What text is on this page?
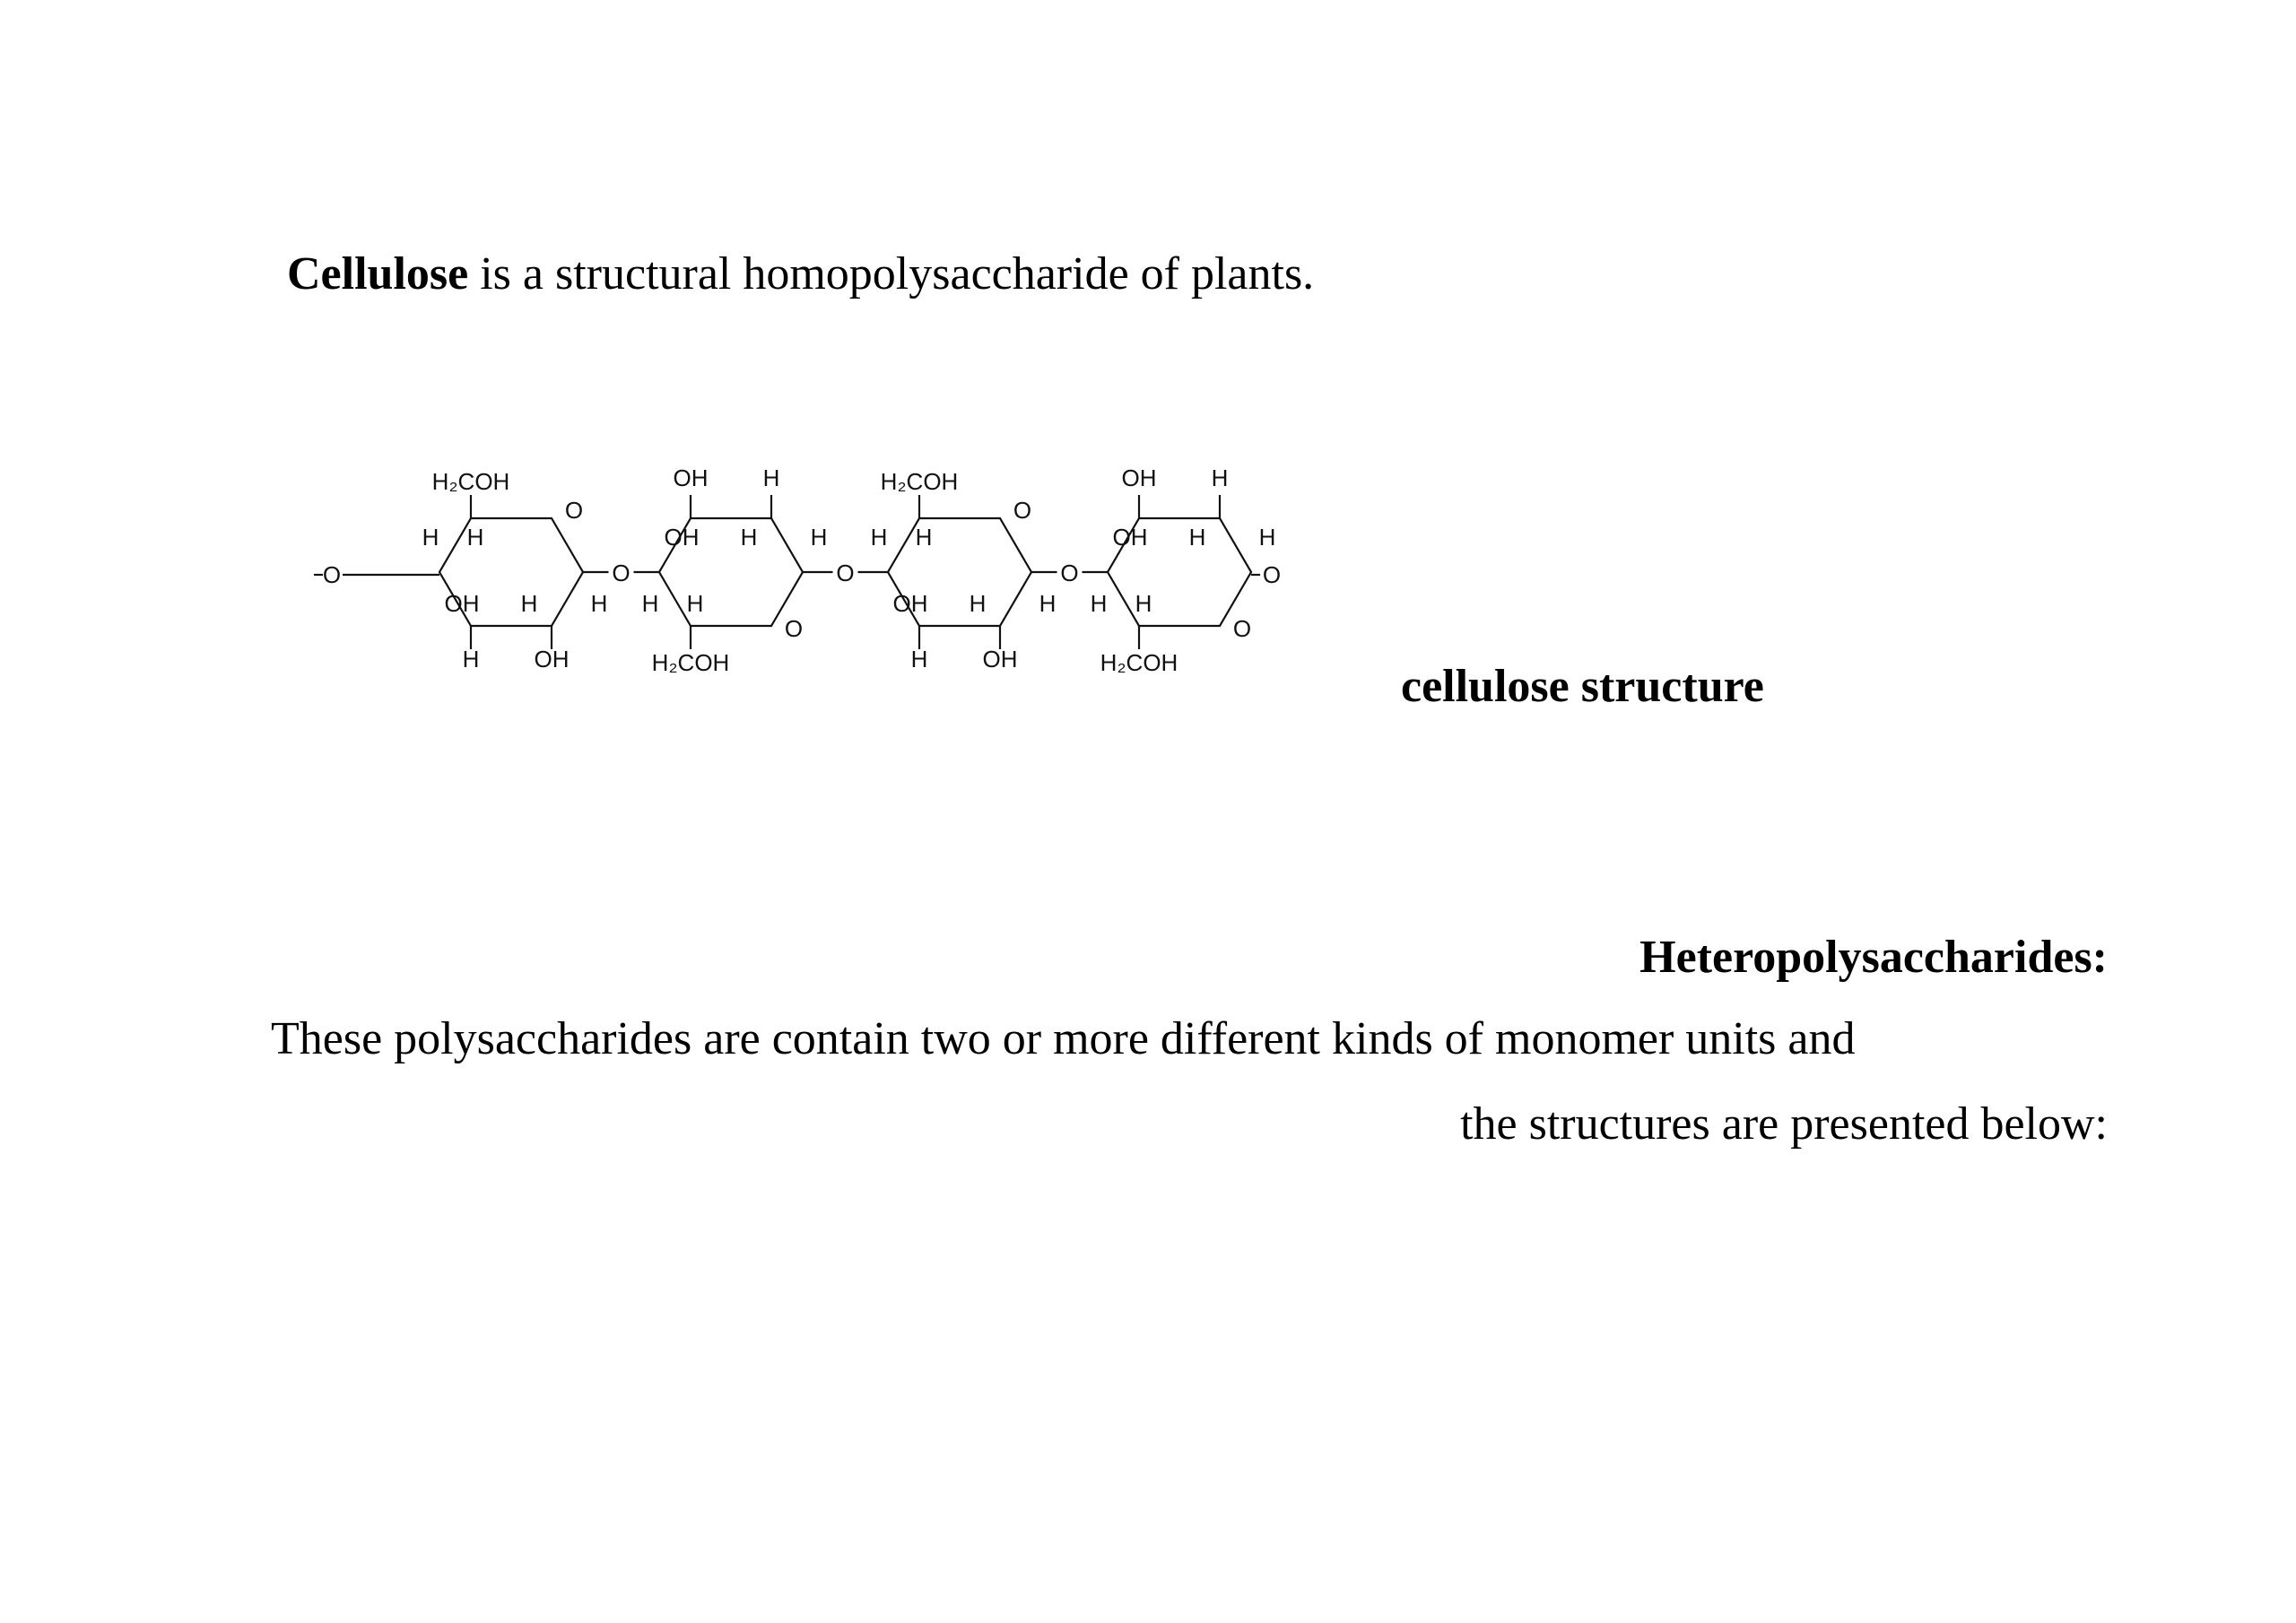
Cellulose is a structural homopolysaccharide of plants.
O
H₂COH
H OH
OH H
H
H
H
O
H₂COH
OH H
OH H
H
H
H
O
H₂COH
H OH
OH H
H
H
H
O
H₂COH
OH H
OH H
H
H
H
O	O	O	O	O
cellulose structure
Heteropolysaccharides:
These polysaccharides are contain two or more different kinds of monomer units and
the structures are presented below:
